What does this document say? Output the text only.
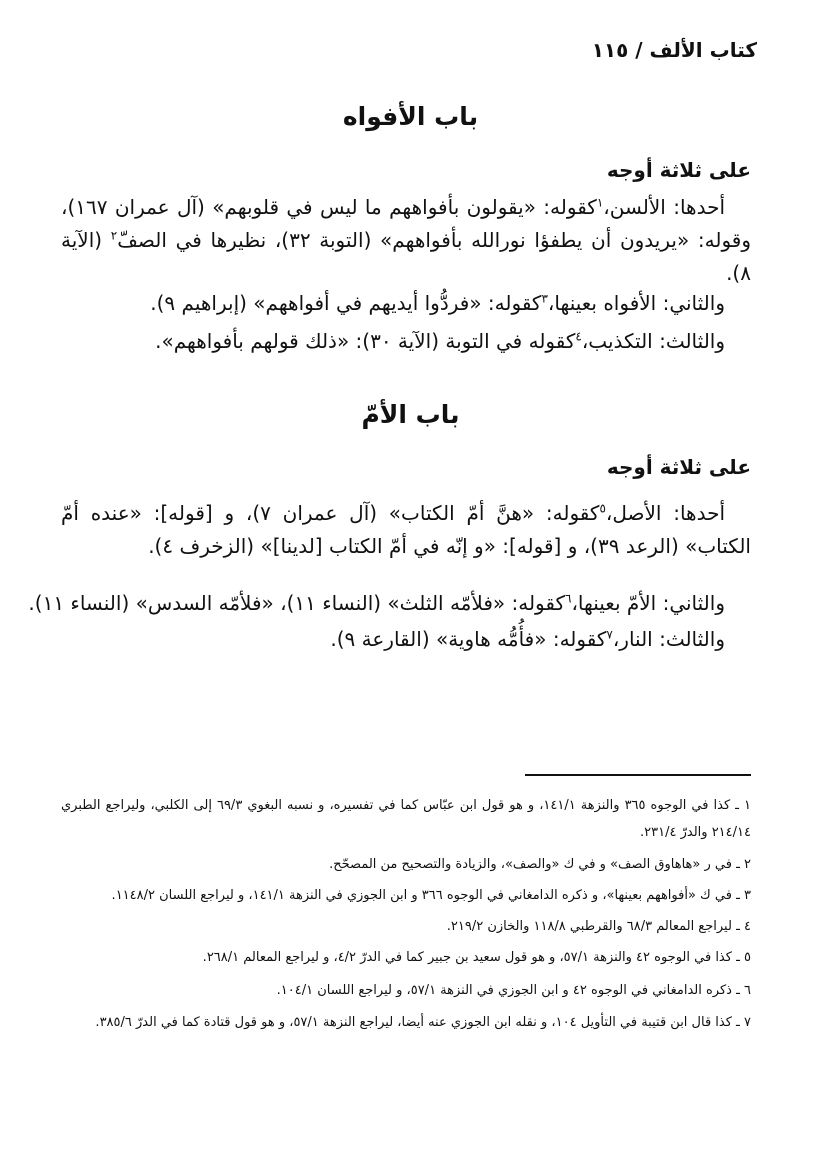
كتاب الألف / ١١٥
باب الأفواه
على ثلاثة أوجه
أحدها: الألسن،$^١$كقوله: «يقولون بأفواههم ما ليس في قلوبهم» (آل عمران ١٦٧)، وقوله: «يريدون أن يطفؤا نورالله بأفواههم» (التوبة ٣٢)، نظيرها في الصفّ$^٢$ (الآية ٨).
والثاني: الأفواه بعينها،$^٣$كقوله: «فردُّوا أيديهم في أفواههم» (إبراهيم ٩).
والثالث: التكذيب،$^٤$كقوله في التوبة (الآية ٣٠): «ذلك قولهم بأفواههم».
باب الأمّ
على ثلاثة أوجه
أحدها: الأصل،$^٥$كقوله: «هنَّ أمّ الكتاب» (آل عمران ٧)، و [قوله]: «عنده أمّ الكتاب» (الرعد ٣٩)، و [قوله]: «و إنّه في أمّ الكتاب [لدينا]» (الزخرف ٤).
والثاني: الأمّ بعينها،$^٦$كقوله: «فلأمّه الثلث» (النساء ١١)، «فلأمّه السدس» (النساء ١١).
والثالث: النار،$^٧$كقوله: «فأُمُّه هاوية» (القارعة ٩).
١ ـ كذا في الوجوه ٣٦٥ والنزهة ١٤١/١، و هو قول ابن عبّاس كما في تفسيره، و نسبه البغوي ٦٩/٣ إلى الكلبي، وليراجع الطبري ٢١٤/١٤ والدرّ ٢٣١/٤.
٢ ـ في ر «هاهاوق الصف» و في ك «والصف»، والزيادة والتصحيح من المصحّح.
٣ ـ في ك «أفواههم بعينها»، و ذكره الدامغاني في الوجوه ٣٦٦ و ابن الجوزي في النزهة ١٤١/١، و ليراجع اللسان ١١٤٨/٢.
٤ ـ ليراجع المعالم ٦٨/٣ والقرطبي ١١٨/٨ والخازن ٢١٩/٢.
٥ ـ كذا في الوجوه ٤٢ والنزهة ٥٧/١، و هو قول سعيد بن جبير كما في الدرّ ٤/٢، و ليراجع المعالم ٢٦٨/١.
٦ ـ ذكره الدامغاني في الوجوه ٤٢ و ابن الجوزي في النزهة ٥٧/١، و ليراجع اللسان ١٠٤/١.
٧ ـ كذا قال ابن قتيبة في التأويل ١٠٤، و نقله ابن الجوزي عنه أيضا، ليراجع النزهة ٥٧/١، و هو قول قتادة كما في الدرّ ٣٨٥/٦.
